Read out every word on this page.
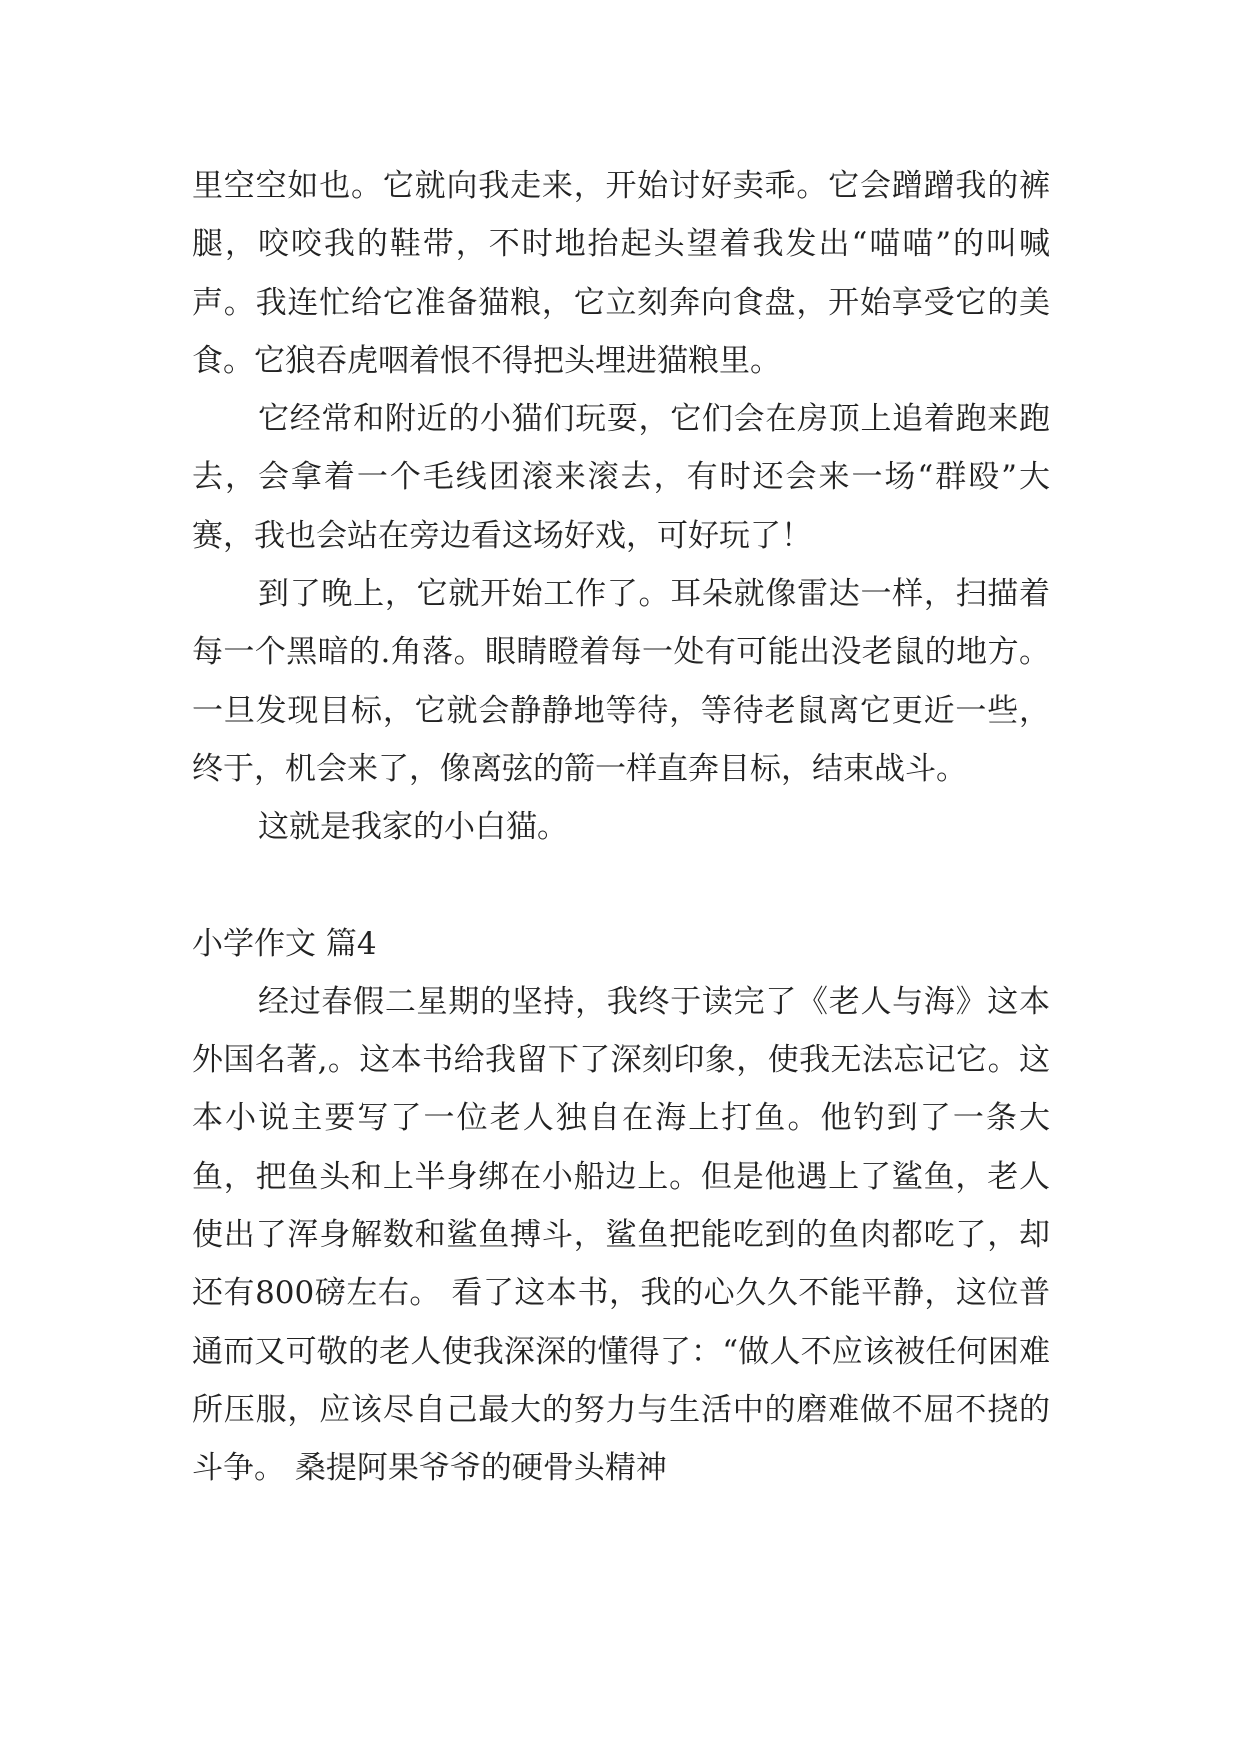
里空空如也。它就向我走来，开始讨好卖乖。它会蹭蹭我的裤腿，咬咬我的鞋带，不时地抬起头望着我发出“喵喵”的叫喊声。我连忙给它准备猫粮，它立刻奔向食盘，开始享受它的美食。它狼吞虎咽着恨不得把头埋进猫粮里。

它经常和附近的小猫们玩耍，它们会在房顶上追着跑来跑去，会拿着一个毛线团滚来滚去，有时还会来一场“群殴”大赛，我也会站在旁边看这场好戏，可好玩了！

到了晚上，它就开始工作了。耳朵就像雷达一样，扫描着每一个黑暗的.角落。眼睛瞪着每一处有可能出没老鼠的地方。一旦发现目标，它就会静静地等待，等待老鼠离它更近一些，终于，机会来了，像离弦的箭一样直奔目标，结束战斗。

这就是我家的小白猫。

小学作文 篇4

经过春假二星期的坚持，我终于读完了《老人与海》这本外国名著,。这本书给我留下了深刻印象，使我无法忘记它。这本小说主要写了一位老人独自在海上打鱼。他钓到了一条大鱼，把鱼头和上半身绑在小船边上。但是他遇上了鲨鱼，老人使出了浑身解数和鲨鱼搏斗，鲨鱼把能吃到的鱼肉都吃了，却还有800磅左右。 看了这本书，我的心久久不能平静，这位普通而又可敬的老人使我深深的懂得了：“做人不应该被任何困难所压服，应该尽自己最大的努力与生活中的磨难做不屈不挠的斗争。 桑提阿果爷爷的硬骨头精神
